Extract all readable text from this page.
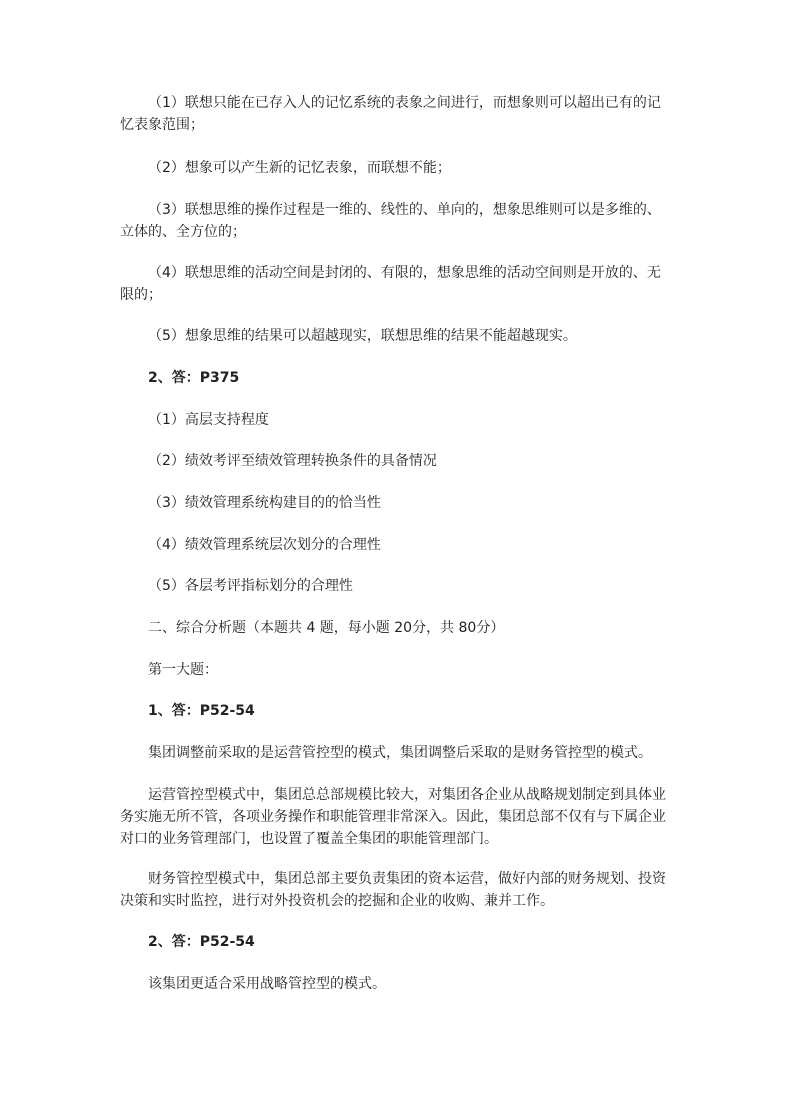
（1）联想只能在已存入人的记忆系统的表象之间进行，而想象则可以超出已有的记忆表象范围；

（2）想象可以产生新的记忆表象，而联想不能；

（3）联想思维的操作过程是一维的、线性的、单向的，想象思维则可以是多维的、立体的、全方位的；

（4）联想思维的活动空间是封闭的、有限的，想象思维的活动空间则是开放的、无限的；

（5）想象思维的结果可以超越现实，联想思维的结果不能超越现实。

2、答：P375

（1）高层支持程度

（2）绩效考评至绩效管理转换条件的具备情况

（3）绩效管理系统构建目的的恰当性

（4）绩效管理系统层次划分的合理性

（5）各层考评指标划分的合理性

二、综合分析题（本题共 4 题，每小题 20分，共 80分）

第一大题：

1、答：P52-54

集团调整前采取的是运营管控型的模式，集团调整后采取的是财务管控型的模式。

运营管控型模式中，集团总总部规模比较大，对集团各企业从战略规划制定到具体业务实施无所不管，各项业务操作和职能管理非常深入。因此，集团总部不仅有与下属企业对口的业务管理部门，也设置了覆盖全集团的职能管理部门。

财务管控型模式中，集团总部主要负责集团的资本运营，做好内部的财务规划、投资决策和实时监控，进行对外投资机会的挖掘和企业的收购、兼并工作。

2、答：P52-54

该集团更适合采用战略管控型的模式。
